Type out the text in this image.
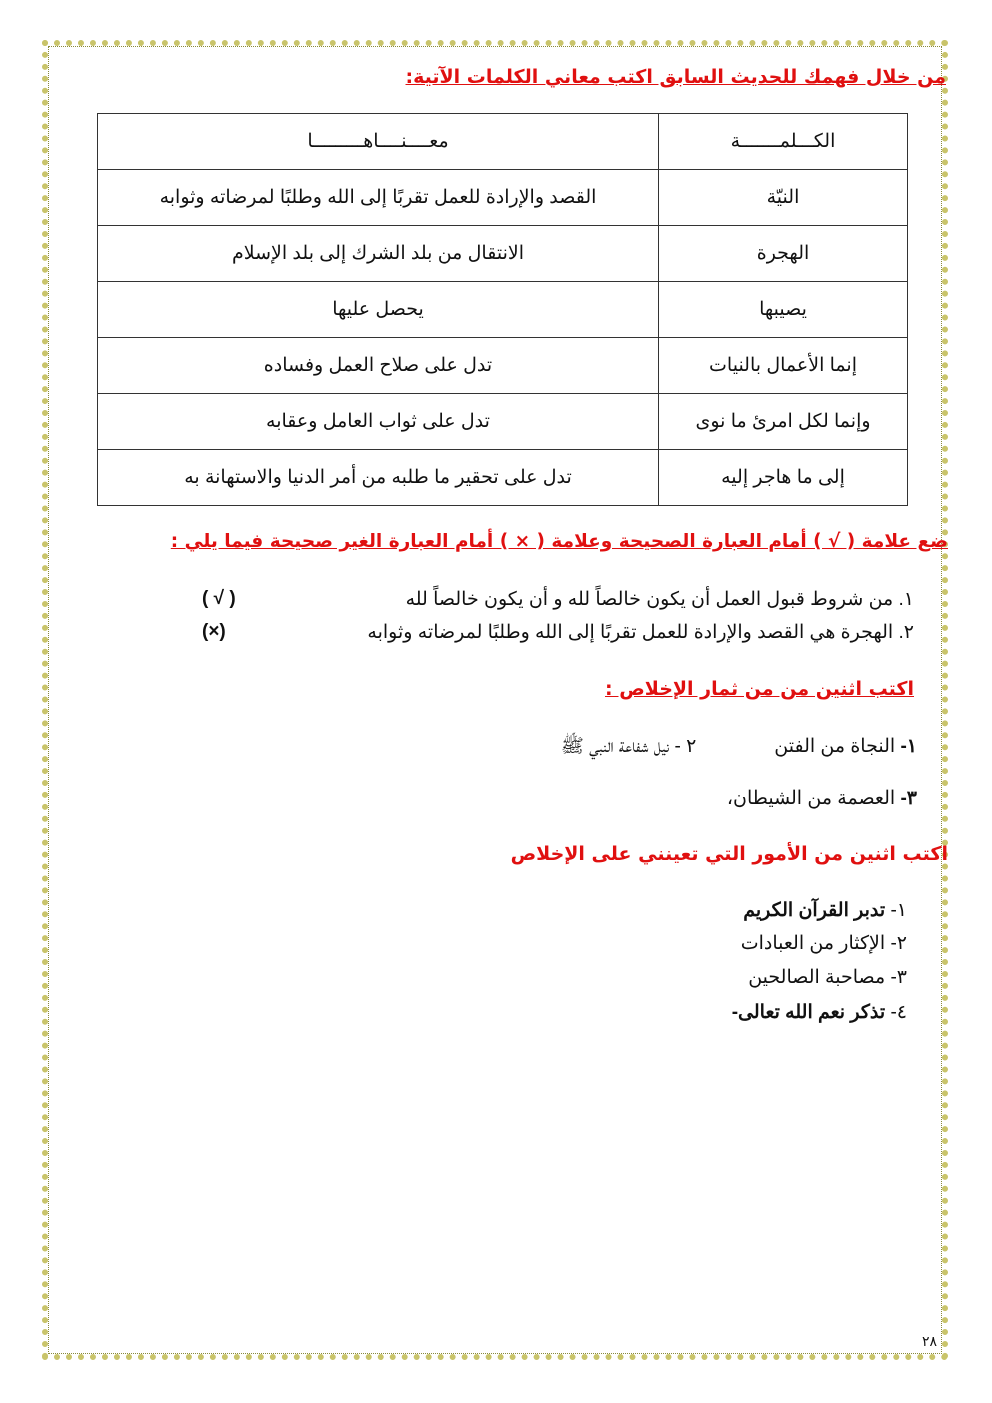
من خلال فهمك للحديث السابق اكتب معاني الكلمات الآتية:
الكـــلمـــــــة	معــــنــــاهـــــــــا
النيّة	القصد والإرادة للعمل تقربًا إلى الله وطلبًا لمرضاته وثوابه
الهجرة	الانتقال من بلد الشرك إلى بلد الإسلام
يصيبها	يحصل عليها
إنما الأعمال بالنيات	تدل على صلاح العمل وفساده
وإنما لكل امرئ ما نوى	تدل على ثواب العامل وعقابه
إلى ما هاجر إليه	تدل على تحقير ما طلبه من أمر الدنيا والاستهانة به
ضع علامة ( √ ) أمام العبارة الصحيحة وعلامة ( × ) أمام العبارة الغير صحيحة فيما يلي :
١. من شروط قبول العمل أن يكون خالصاً لله و أن يكون خالصاً لله
( √ )
٢. الهجرة هي القصد والإرادة للعمل تقربًا إلى الله وطلبًا لمرضاته وثوابه
(×)
اكتب اثنين من من ثمار الإخلاص :

١- النجاة من الفتن٢ - نيل شفاعة النبي ﷺ

٣- العصمة من الشيطان،

اكتب اثنين من الأمور التي تعينني على الإخلاص

١- تدبر القرآن الكريم

٢- الإكثار من العبادات

٣- مصاحبة الصالحين

٤- تذكر نعم الله تعالى-

٢٨
